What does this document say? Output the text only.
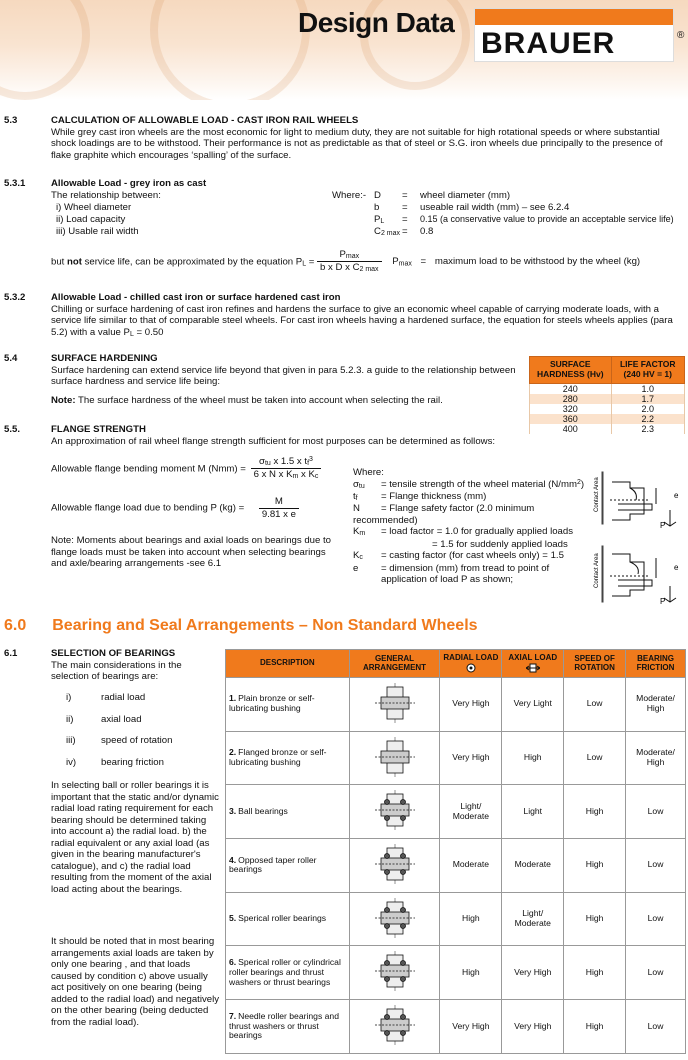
Design Data
BRAUER	®
5.3	CALCULATION OF ALLOWABLE LOAD - CAST IRON RAIL WHEELS
While grey cast iron wheels are the most economic for light to medium duty, they are not suitable for high rotational speeds or where substantial shock loadings are to be withstood. Their performance is not as predictable as that of steel or S.G. iron wheels due principally to the presence of flake graphite which encourages ‘spalling’ of the surface.
5.3.1	Allowable Load - grey iron as cast
The relationship between:
i) Wheel diameter
ii) Load capacity
iii) Usable rail width
Where:- D = wheel diameter (mm)
b = useable rail width (mm) – see 6.2.4
$P_L = 0.15$ (a conservative value to provide an acceptable service life)
$C_{2 max} = 0.8$
but not service life, can be approximated by the equation $P_L = \frac{P_{max}}{b x D x C_{2 max}} P_{max}$ = maximum load to be withstood by the wheel (kg)
5.3.2	Allowable Load - chilled cast iron or surface hardened cast iron
Chilling or surface hardening of cast iron refines and hardens the surface to give an economic wheel capable of carrying moderate loads, with a service life similar to that of comparable steel wheels. For cast iron wheels having a hardened surface, the equation for steels wheels applies (para 5.2) with a value $P_L = 0.50$
5.4	SURFACE HARDENING
Surface hardening can extend service life beyond that given in para 5.2.3. a guide to the relationship between surface hardness and service life being:
Note: The surface hardness of the wheel must be taken into account when selecting the rail.
SURFACE HARDNESS (Hv)	LIFE FACTOR (240 HV = 1)
240	1.0
280	1.7
320	2.0
360	2.2
400	2.3
5.5.	FLANGE STRENGTH
An approximation of rail wheel flange strength sufficient for most purposes can be determined as follows:
Allowable flange bending moment M $(Nmm) = \frac{\sigma_{tu} x 1.5 x t_f^3}{6 x N x K_m x K_c}$
Allowable flange load due to bending P $(kg) = \frac{M}{\text{9.81 x e}}$
Note: Moments about bearings and axial loads on bearings due to flange loads must be taken into account when selecting bearings and axle/bearing arrangements -see 6.1
Where:
$\sigma_{tu}$ = tensile strength of the wheel material $(N/mm^2)$
$t_f$ = Flange thickness (mm)
N = Flange safety factor (2.0 minimum
recommended)
$K_m$ = load factor = 1.0 for gradually applied loads
= 1.5 for suddenly applied loads
$K_c$ = casting factor (for cast wheels only) = 1.5
e = dimension (mm) from tread to point of
application of load P as shown;
Contact Area
Contact Area
e
P
e
P
6.0 Bearing and Seal Arrangements – Non Standard Wheels
6.1	SELECTION OF BEARINGS
The main considerations in the selection of bearings are:
i)	radial load
ii)	axial load
iii)	speed of rotation
iv)	bearing friction
In selecting ball or roller bearings it is important that the static and/or dynamic radial load rating requirement for each bearing should be determined taking into account a) the radial load. b) the radial equivalent or any axial load (as given in the bearing manufacturer's catalogue), and c) the radial load resulting from the moment of the axial load acting about the bearings.
It should be noted that in most bearing arrangements axial loads are taken by only one bearing , and that loads caused by condition c) above usually act positively on one bearing (being added to the radial load) and negatively on the other bearing (being deducted from the radial load).
DESCRIPTION	GENERAL ARRANGEMENT	RADIAL LOAD	AXIAL LOAD	SPEED OF ROTATION	BEARING FRICTION
1. Plain bronze or self-lubricating bushing		Very High	Very Light	Low	Moderate/ High
2. Flanged bronze or self-lubricating bushing		Very High	High	Low	Moderate/ High
3. Ball bearings		Light/ Moderate	Light	High	Low
4. Opposed taper roller bearings		Moderate	Moderate	High	Low
5. Sperical roller bearings		High	Light/ Moderate	High	Low
6. Sperical roller or cylindrical roller bearings and thrust washers or thrust bearings		High	Very High	High	Low
7. Needle roller bearings and thrust washers or thrust bearings		Very High	Very High	High	Low
